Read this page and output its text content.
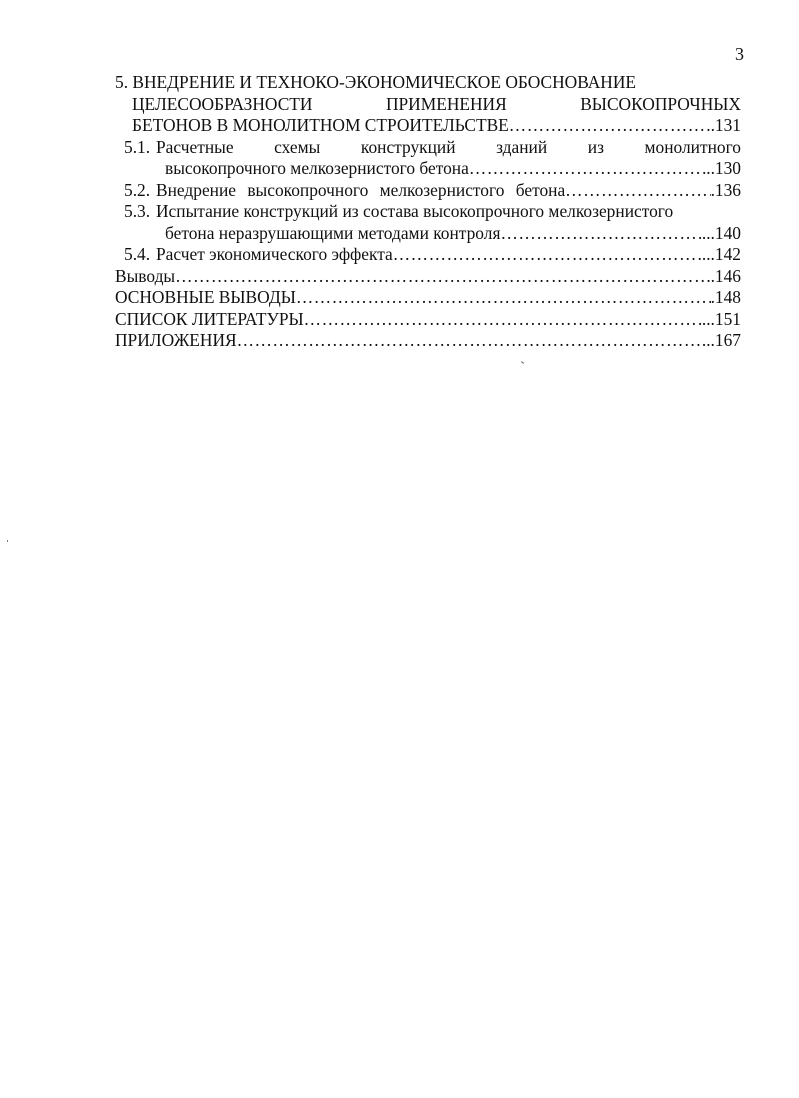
3
5. ВНЕДРЕНИЕ И ТЕХНОКО-ЭКОНОМИЧЕСКОЕ ОБОСНОВАНИЕ
ЦЕЛЕСООБРАЗНОСТИ ПРИМЕНЕНИЯ ВЫСОКОПРОЧНЫХ
БЕТОНОВ В МОНОЛИТНОМ СТРОИТЕЛЬСТВЕ ………………………………………………………………………………………………………………………………………………………	..131
5.1. Расчетные схемы конструкций зданий из монолитного
высокопрочного мелкозернистого бетона ………………………………………………………………………………………………………………………………………………………	..130
5.2. Внедрение высокопрочного мелкозернистого бетона ………………………………………………………………………………………………………………………………………………………	.136
5.3. Испытание конструкций из состава высокопрочного мелкозернистого
бетона неразрушающими методами контроля ………………………………………………………………………………………………………………………………………………………	...140
5.4. Расчет экономического эффекта ………………………………………………………………………………………………………………………………………………………	...142
Выводы ………………………………………………………………………………………………………………………………………………………	.146
ОСНОВНЫЕ ВЫВОДЫ ………………………………………………………………………………………………………………………………………………………	.148
СПИСОК ЛИТЕРАТУРЫ ………………………………………………………………………………………………………………………………………………………	...151
ПРИЛОЖЕНИЯ ………………………………………………………………………………………………………………………………………………………	...167
